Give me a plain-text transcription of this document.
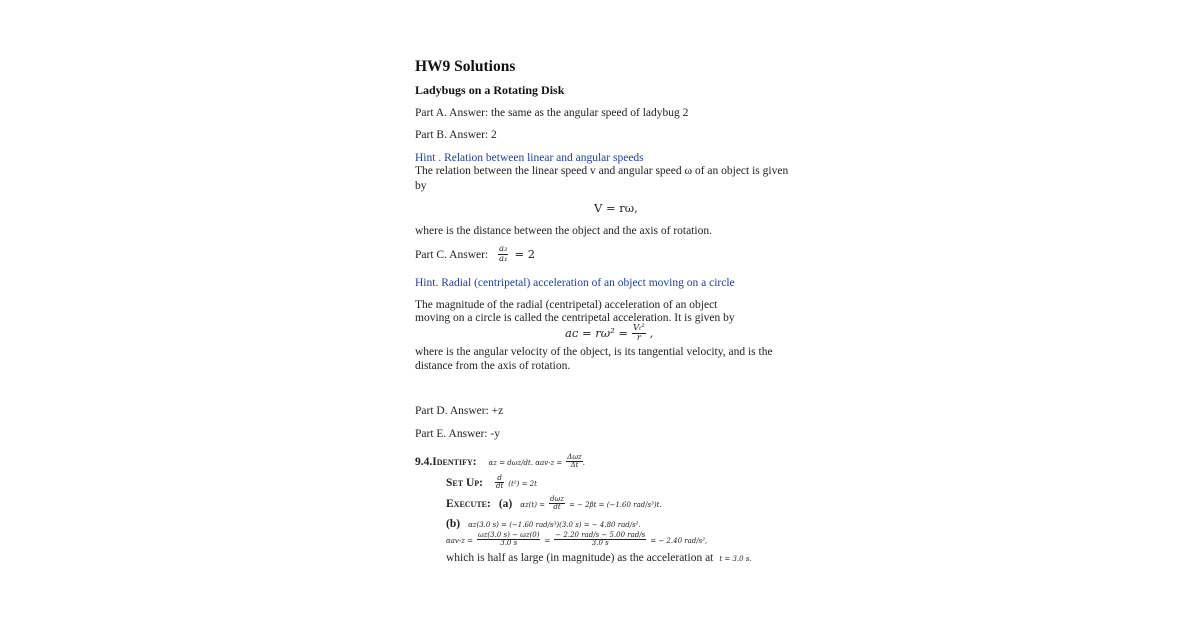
HW9 Solutions
Ladybugs on a Rotating Disk
Part A. Answer: the same as the angular speed of ladybug 2
Part B. Answer: 2
Hint . Relation between linear and angular speeds
The relation between the linear speed v and angular speed ω of an object is given
by
V = rω,
where is the distance between the object and the axis of rotation.
Part C. Answer: $\frac{\text{a₂}}{\text{a₁}} = 2$
Hint. Radial (centripetal) acceleration of an object moving on a circle
The magnitude of the radial (centripetal) acceleration of an object
moving on a circle is called the centripetal acceleration. It is given by
aᴄ = $r\omega^2 = \frac{\text{Vₜ²}}{r}$ ,
where is the angular velocity of the object, is its tangential velocity, and is the
distance from the axis of rotation.
Part D. Answer: +z
Part E. Answer: -y
9.4.Identify: αz = dωz/dt. $\alpha av-z = \frac{\text{Δωz}}{\Delta t}$ .
Set Up: $\frac{d}{dt} (t^2) = 2t$
Execute: (a) $\alpha z(t) = \frac{\text{dωz}}{dt}$ = − 2βt = (−1.60 rad/s³)t.
(b) αz(3.0 s) = (−1.60 rad/s³)(3.0 s) = − 4.80 rad/s².
$\alpha av-z = \frac{\omega z(3.0 s) - \omega z(0)}{3.0 s} = \frac{\text{− 2.20 rad/s − 5.00 rad/s}}{3.0 s}$ = − 2.40 rad/s²,
which is half as large (in magnitude) as the acceleration at t = 3.0 s.
